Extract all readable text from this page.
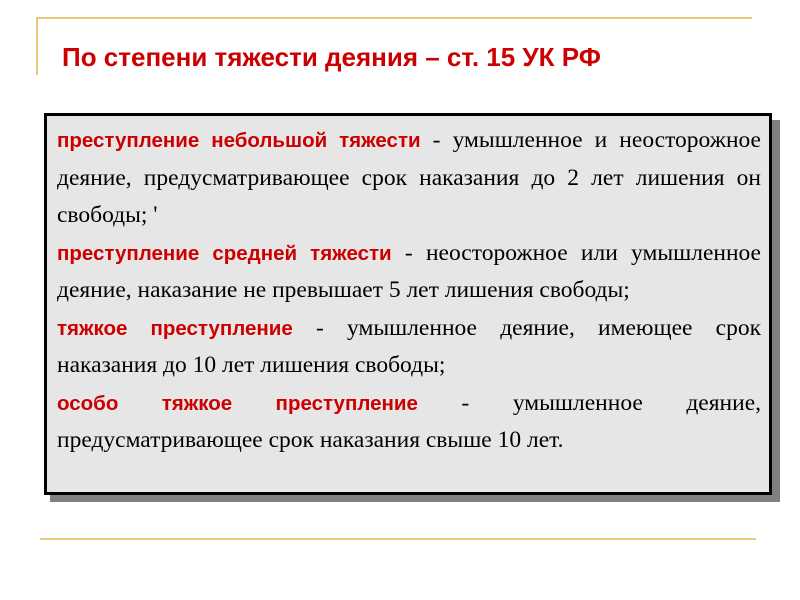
По степени тяжести деяния – ст. 15 УК РФ

преступление небольшой тяжести - умышленное и неосторожное деяние, предусматривающее срок наказания до 2 лет лишения он свободы; '

преступление средней тяжести - неосторожное или умышленное деяние, наказание не превышает 5 лет лишения свободы;

тяжкое преступление - умышленное деяние, имеющее срок наказания до 10 лет лишения свободы;

особо тяжкое преступление - умышленное деяние, предусматривающее срок наказания свыше 10 лет.
